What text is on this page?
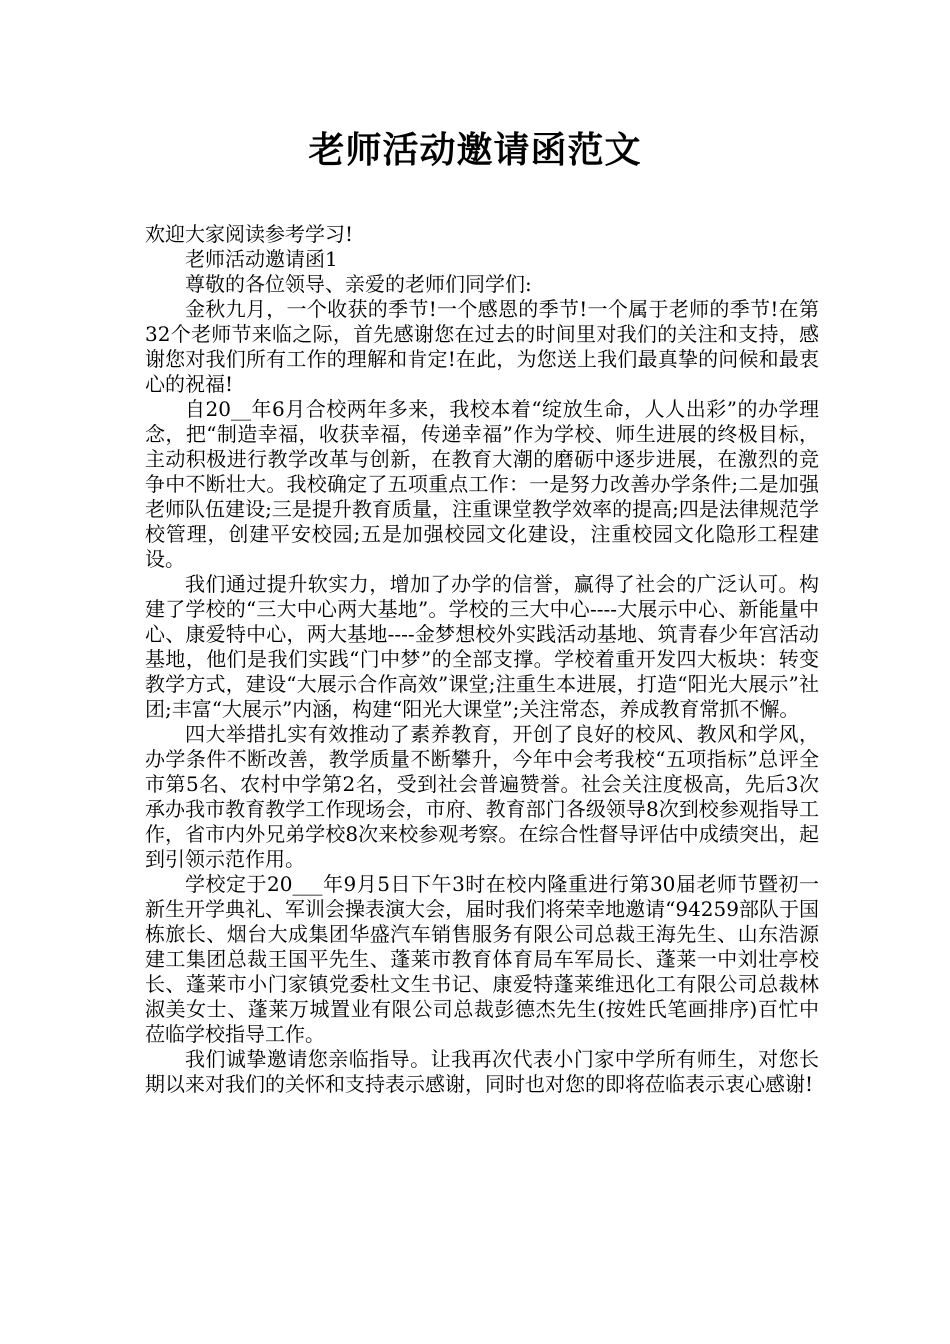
老师活动邀请函范文

欢迎大家阅读参考学习!

老师活动邀请函1

尊敬的各位领导、亲爱的老师们同学们:

金秋九月，一个收获的季节!一个感恩的季节!一个属于老师的季节!在第32个老师节来临之际，首先感谢您在过去的时间里对我们的关注和支持，感谢您对我们所有工作的理解和肯定!在此，为您送上我们最真挚的问候和最衷心的祝福!

自20__年6月合校两年多来，我校本着“绽放生命，人人出彩”的办学理念，把“制造幸福，收获幸福，传递幸福”作为学校、师生进展的终极目标，主动积极进行教学改革与创新，在教育大潮的磨砺中逐步进展，在激烈的竞争中不断壮大。我校确定了五项重点工作：一是努力改善办学条件;二是加强老师队伍建设;三是提升教育质量，注重课堂教学效率的提高;四是法律规范学校管理，创建平安校园;五是加强校园文化建设，注重校园文化隐形工程建设。

我们通过提升软实力，增加了办学的信誉，赢得了社会的广泛认可。构建了学校的“三大中心两大基地”。学校的三大中心----大展示中心、新能量中心、康爱特中心，两大基地----金梦想校外实践活动基地、筑青春少年宫活动基地，他们是我们实践“门中梦”的全部支撑。学校着重开发四大板块：转变教学方式，建设“大展示合作高效”课堂;注重生本进展，打造“阳光大展示”社团;丰富“大展示”内涵，构建“阳光大课堂”;关注常态，养成教育常抓不懈。

四大举措扎实有效推动了素养教育，开创了良好的校风、教风和学风，办学条件不断改善，教学质量不断攀升，今年中会考我校“五项指标”总评全市第5名、农村中学第2名，受到社会普遍赞誉。社会关注度极高，先后3次承办我市教育教学工作现场会，市府、教育部门各级领导8次到校参观指导工作，省市内外兄弟学校8次来校参观考察。在综合性督导评估中成绩突出，起到引领示范作用。

学校定于20___年9月5日下午3时在校内隆重进行第30届老师节暨初一新生开学典礼、军训会操表演大会，届时我们将荣幸地邀请“94259部队于国栋旅长、烟台大成集团华盛汽车销售服务有限公司总裁王海先生、山东浩源建工集团总裁王国平先生、蓬莱市教育体育局车军局长、蓬莱一中刘壮亭校长、蓬莱市小门家镇党委杜文生书记、康爱特蓬莱维迅化工有限公司总裁林淑美女士、蓬莱万城置业有限公司总裁彭德杰先生(按姓氏笔画排序)百忙中莅临学校指导工作。

我们诚挚邀请您亲临指导。让我再次代表小门家中学所有师生，对您长期以来对我们的关怀和支持表示感谢，同时也对您的即将莅临表示衷心感谢!
